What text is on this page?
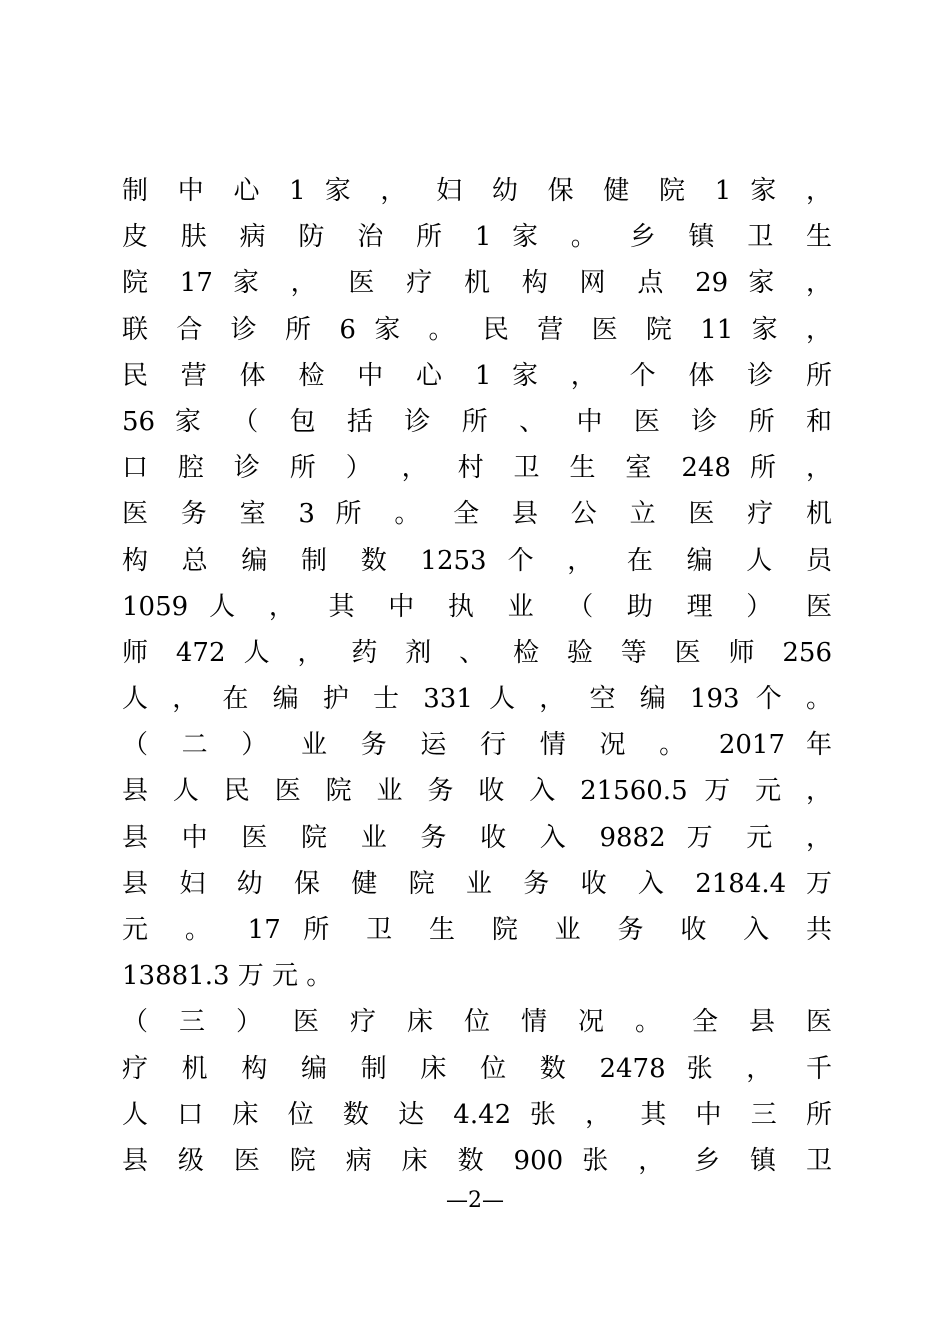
制 中 心 1 家 ， 妇 幼 保 健 院 1 家 ，
皮 肤 病 防 治 所 1 家 。 乡 镇 卫 生
院 17 家 ， 医 疗 机 构 网 点 29 家 ，
联 合 诊 所 6 家 。 民 营 医 院 11 家 ，
民 营 体 检 中 心 1 家 ， 个 体 诊 所
56 家 （ 包 括 诊 所 、 中 医 诊 所 和
口 腔 诊 所 ） ， 村 卫 生 室 248 所 ，
医 务 室 3 所 。 全 县 公 立 医 疗 机
构 总 编 制 数 1253 个 ， 在 编 人 员
1059 人 ， 其 中 执 业 （ 助 理 ） 医
师 472 人 ， 药 剂 、 检 验 等 医 师 256
人 ， 在 编 护 士 331 人 ， 空 编 193 个 。
（ 二 ） 业 务 运 行 情 况 。 2017 年
县 人 民 医 院 业 务 收 入 21560.5 万 元 ，
县 中 医 院 业 务 收 入 9882 万 元 ，
县 妇 幼 保 健 院 业 务 收 入 2184.4 万
元 。 17 所 卫 生 院 业 务 收 入 共
13881.3 万 元 。
（ 三 ） 医 疗 床 位 情 况 。 全 县 医
疗 机 构 编 制 床 位 数 2478 张 ， 千
人 口 床 位 数 达 4.42 张 ， 其 中 三 所
县 级 医 院 病 床 数 900 张 ， 乡 镇 卫
—2—
